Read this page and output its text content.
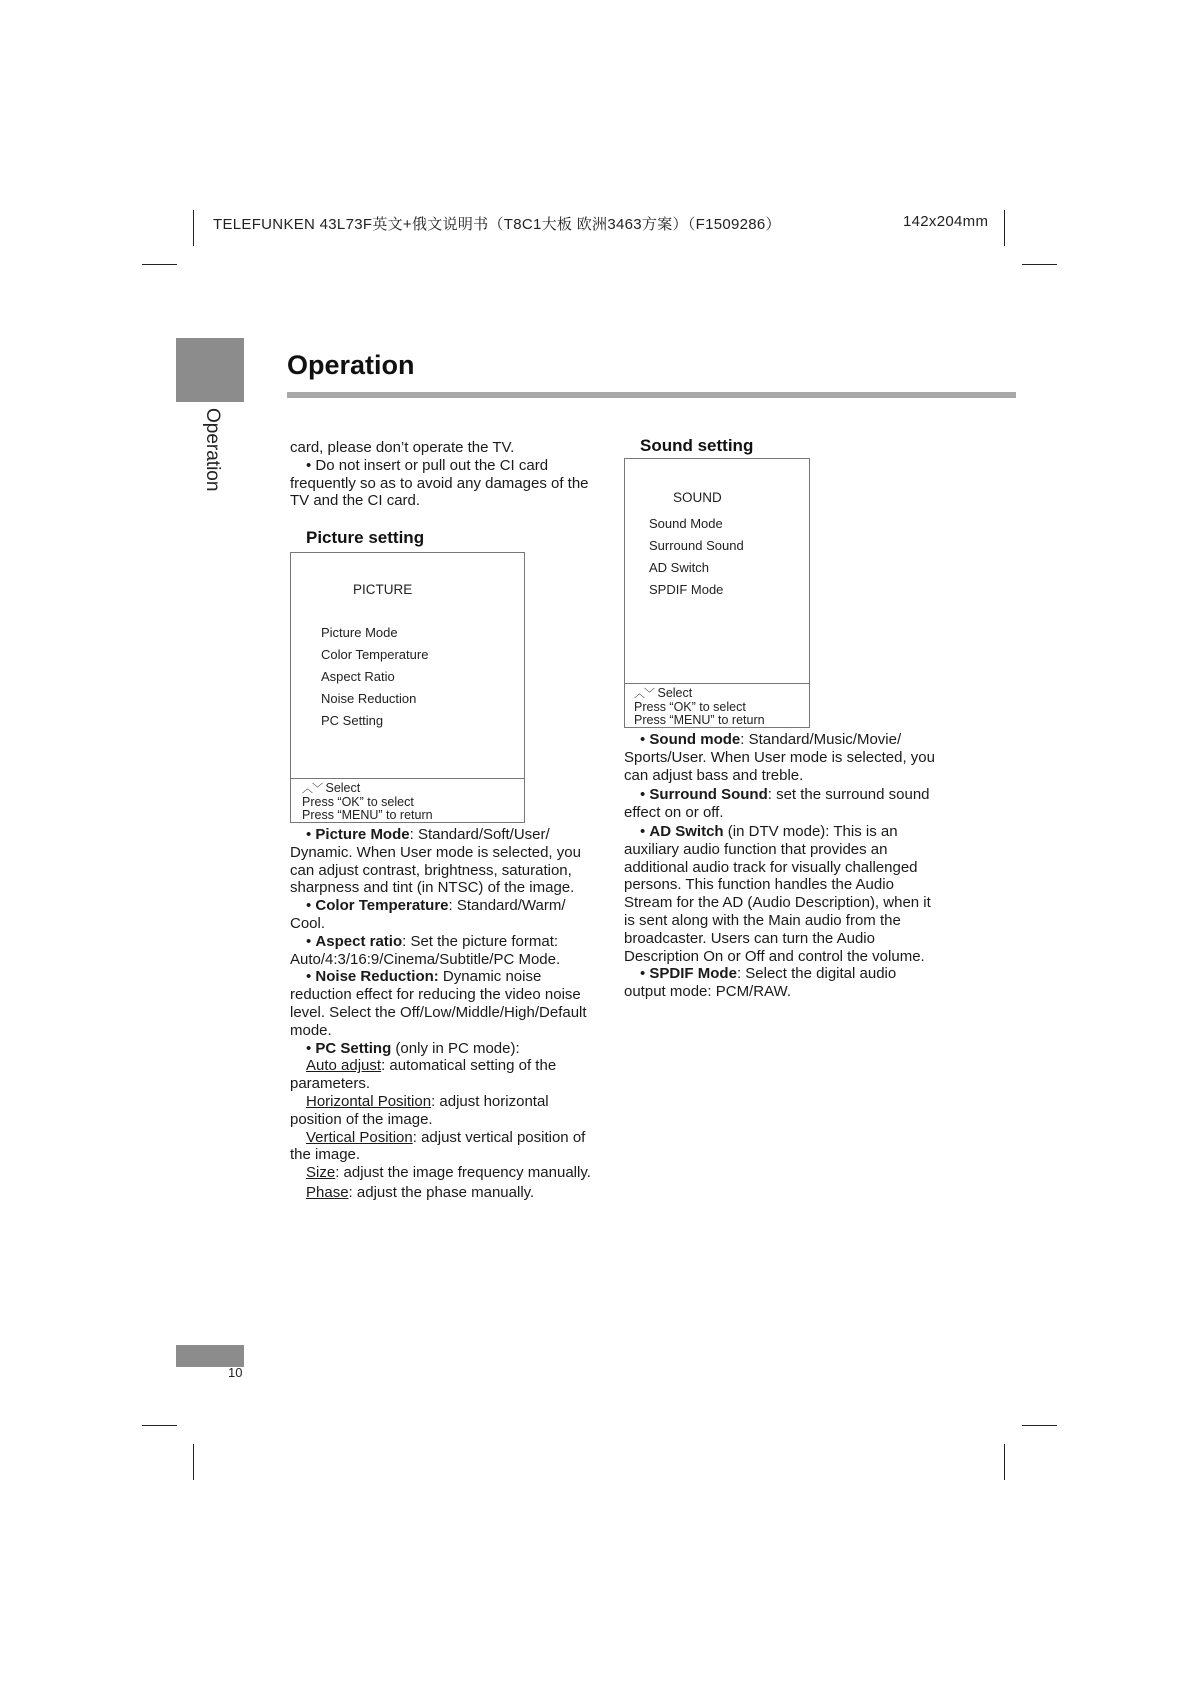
TELEFUNKEN 43L73F英文+俄文说明书（T8C1大板 欧洲3463方案）（F1509286）	142x204mm
Operation
Operation

card, please don’t operate the TV.

• Do not insert or pull out the CI card frequently so as to avoid any damages of the TV and the CI card.

Picture setting
PICTURE
Picture Mode
Color Temperature
Aspect Ratio
Noise Reduction
PC Setting
︿﹀ Select
Press “OK” to select
Press “MENU” to return

• Picture Mode: Standard/Soft/User/ Dynamic. When User mode is selected, you can adjust contrast, brightness, saturation, sharpness and tint (in NTSC) of the image.

• Color Temperature: Standard/Warm/ Cool.

• Aspect ratio: Set the picture format: Auto/4:3/16:9/Cinema/Subtitle/PC Mode.

• Noise Reduction: Dynamic noise reduction effect for reducing the video noise level. Select the Off/Low/Middle/High/Default mode.

• PC Setting (only in PC mode):

Auto adjust: automatical setting of the parameters.

Horizontal Position: adjust horizontal position of the image.

Vertical Position: adjust vertical position of the image.

Size: adjust the image frequency manually.

Phase: adjust the phase manually.

Sound setting
SOUND
Sound Mode
Surround Sound
AD Switch
SPDIF Mode
︿﹀ Select
Press “OK” to select
Press “MENU” to return

• Sound mode: Standard/Music/Movie/ Sports/User. When User mode is selected, you can adjust bass and treble.

• Surround Sound: set the surround sound effect on or off.

• AD Switch (in DTV mode): This is an auxiliary audio function that provides an additional audio track for visually challenged persons. This function handles the Audio Stream for the AD (Audio Description), when it is sent along with the Main audio from the broadcaster. Users can turn the Audio Description On or Off and control the volume.

• SPDIF Mode: Select the digital audio output mode: PCM/RAW.

10
